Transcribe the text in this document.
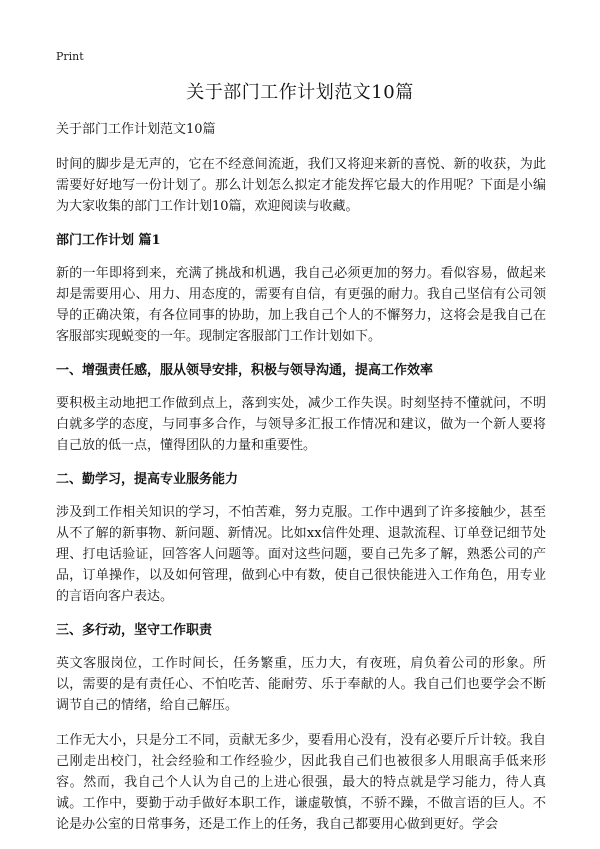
Print
关于部门工作计划范文10篇
关于部门工作计划范文10篇

时间的脚步是无声的，它在不经意间流逝，我们又将迎来新的喜悦、新的收获，为此需要好好地写一份计划了。那么计划怎么拟定才能发挥它最大的作用呢？下面是小编为大家收集的部门工作计划10篇，欢迎阅读与收藏。

部门工作计划 篇1

新的一年即将到来，充满了挑战和机遇，我自己必须更加的努力。看似容易，做起来却是需要用心、用力、用态度的，需要有自信，有更强的耐力。我自己坚信有公司领导的正确决策，有各位同事的协助，加上我自己个人的不懈努力，这将会是我自己在客服部实现蜕变的一年。现制定客服部门工作计划如下。

一、增强责任感，服从领导安排，积极与领导沟通，提高工作效率

要积极主动地把工作做到点上，落到实处，减少工作失误。时刻坚持不懂就问，不明白就多学的态度，与同事多合作，与领导多汇报工作情况和建议，做为一个新人要将自己放的低一点，懂得团队的力量和重要性。

二、勤学习，提高专业服务能力

涉及到工作相关知识的学习，不怕苦难，努力克服。工作中遇到了许多接触少，甚至从不了解的新事物、新问题、新情况。比如xx信件处理、退款流程、订单登记细节处理、打电话验证，回答客人问题等。面对这些问题，要自己先多了解，熟悉公司的产品，订单操作，以及如何管理，做到心中有数，使自己很快能进入工作角色，用专业的言语向客户表达。

三、多行动，坚守工作职责

英文客服岗位，工作时间长，任务繁重，压力大，有夜班，肩负着公司的形象。所以，需要的是有责任心、不怕吃苦、能耐劳、乐于奉献的人。我自己们也要学会不断调节自己的情绪，给自己解压。

工作无大小，只是分工不同，贡献无多少，要看用心没有，没有必要斤斤计较。我自己刚走出校门，社会经验和工作经验少，因此我自己们也被很多人用眼高手低来形容。然而，我自己个人认为自己的上进心很强，最大的特点就是学习能力，待人真诚。工作中，要勤于动手做好本职工作，谦虚敬慎，不骄不躁，不做言语的巨人。不论是办公室的日常事务，还是工作上的任务，我自己都要用心做到更好。学会
